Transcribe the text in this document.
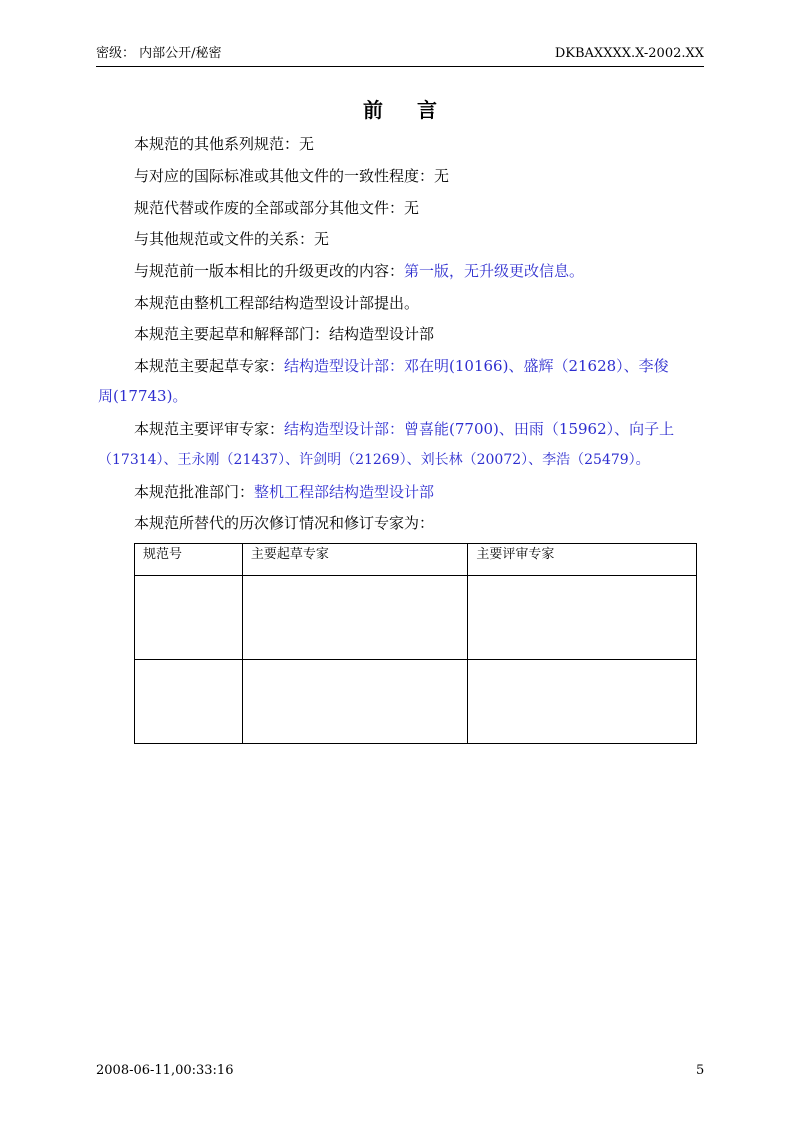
密级： 内部公开/秘密	DKBAXXXX.X-2002.XX
前言
本规范的其他系列规范：无
与对应的国际标准或其他文件的一致性程度：无
规范代替或作废的全部或部分其他文件：无
与其他规范或文件的关系：无
与规范前一版本相比的升级更改的内容：第一版，无升级更改信息。
本规范由整机工程部结构造型设计部提出。
本规范主要起草和解释部门：结构造型设计部
本规范主要起草专家：结构造型设计部：邓在明(10166)、盛辉（21628）、李俊
周(17743)。
本规范主要评审专家：结构造型设计部：曾喜能(7700)、田雨（15962）、向子上
（17314）、王永刚（21437）、许剑明（21269）、刘长林（20072）、李浩（25479）。
本规范批准部门：整机工程部结构造型设计部
本规范所替代的历次修订情况和修订专家为：
规范号	主要起草专家	主要评审专家

2008-06-11,00:33:16	5
